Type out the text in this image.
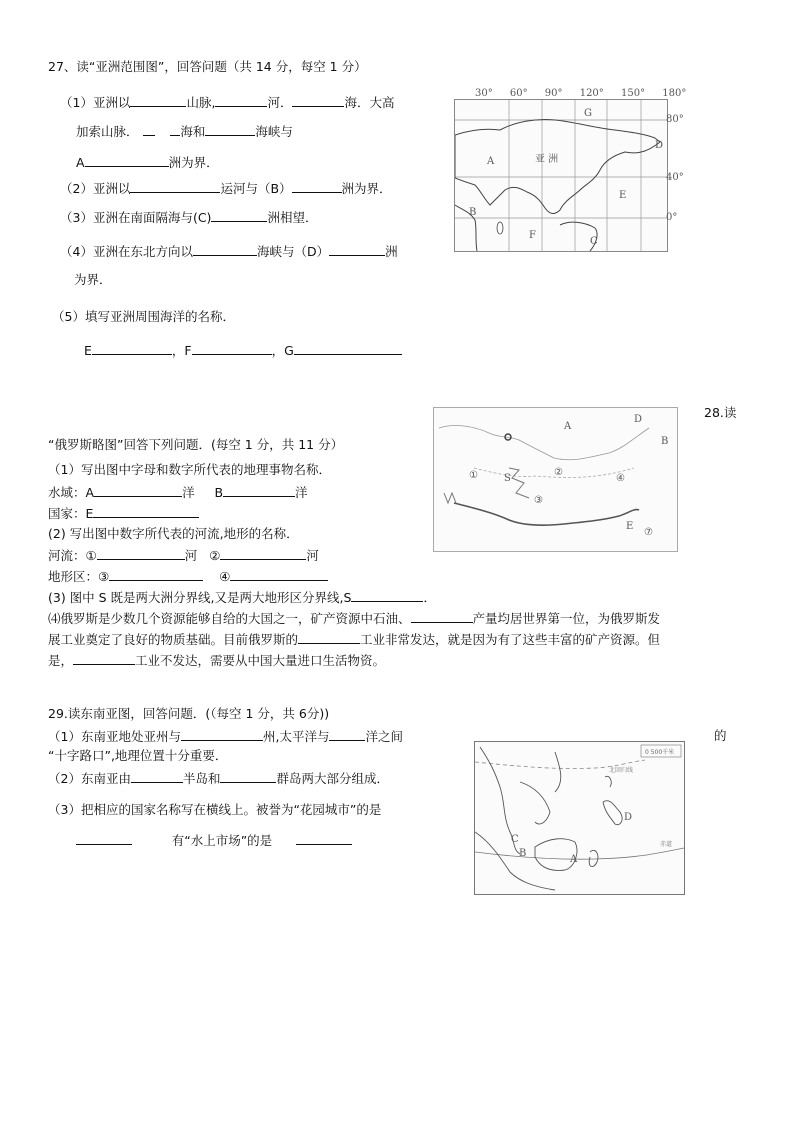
27、读“亚洲范围图”，回答问题（共 14 分，每空 1 分）
（1）亚洲以	山脉,	河．	海．大高
加索山脉．	海和	海峡与
A	洲为界．
（2）亚洲以	运河与（B）	洲为界．
（3）亚洲在南面隔海与(C)	洲相望．
（4）亚洲在东北方向以	海峡与（D）	洲
为界．
（5）填写亚洲周围海洋的名称．
E	，F	，G
G
A	亚 洲
D
E
B
F
C
30° 60° 90° 120° 150° 180°
80°
40°
0°
28.读
A
D
B
S
①	②
③
④
E
⑦
“俄罗斯略图”回答下列问题．(每空 1 分，共 11 分）
（1）写出图中字母和数字所代表的地理事物名称．
水域：A	洋 B	洋
国家：E
(2) 写出图中数字所代表的河流,地形的名称．
河流：①	河 ②	河
地形区：③	④
(3) 图中 S 既是两大洲分界线,又是两大地形区分界线,S	．
⑷俄罗斯是少数几个资源能够自给的大国之一，矿产资源中石油、	产量均居世界第一位，为俄罗斯发
展工业奠定了良好的物质基础。目前俄罗斯的	工业非常发达，就是因为有了这些丰富的矿产资源。但
是，	工业不发达，需要从中国大量进口生活物资。
29.读东南亚图，回答问题．(（每空 1 分，共 6分))
（1）东南亚地处亚州与	州,太平洋与	洋之间	的
“十字路口”,地理位置十分重要．
（2）东南亚由	半岛和	群岛两大部分组成．
（3）把相应的国家名称写在横线上。被誉为“花园城市”的是
有“水上市场”的是
0 500千米
北回归线
赤道
A
B
C
D
